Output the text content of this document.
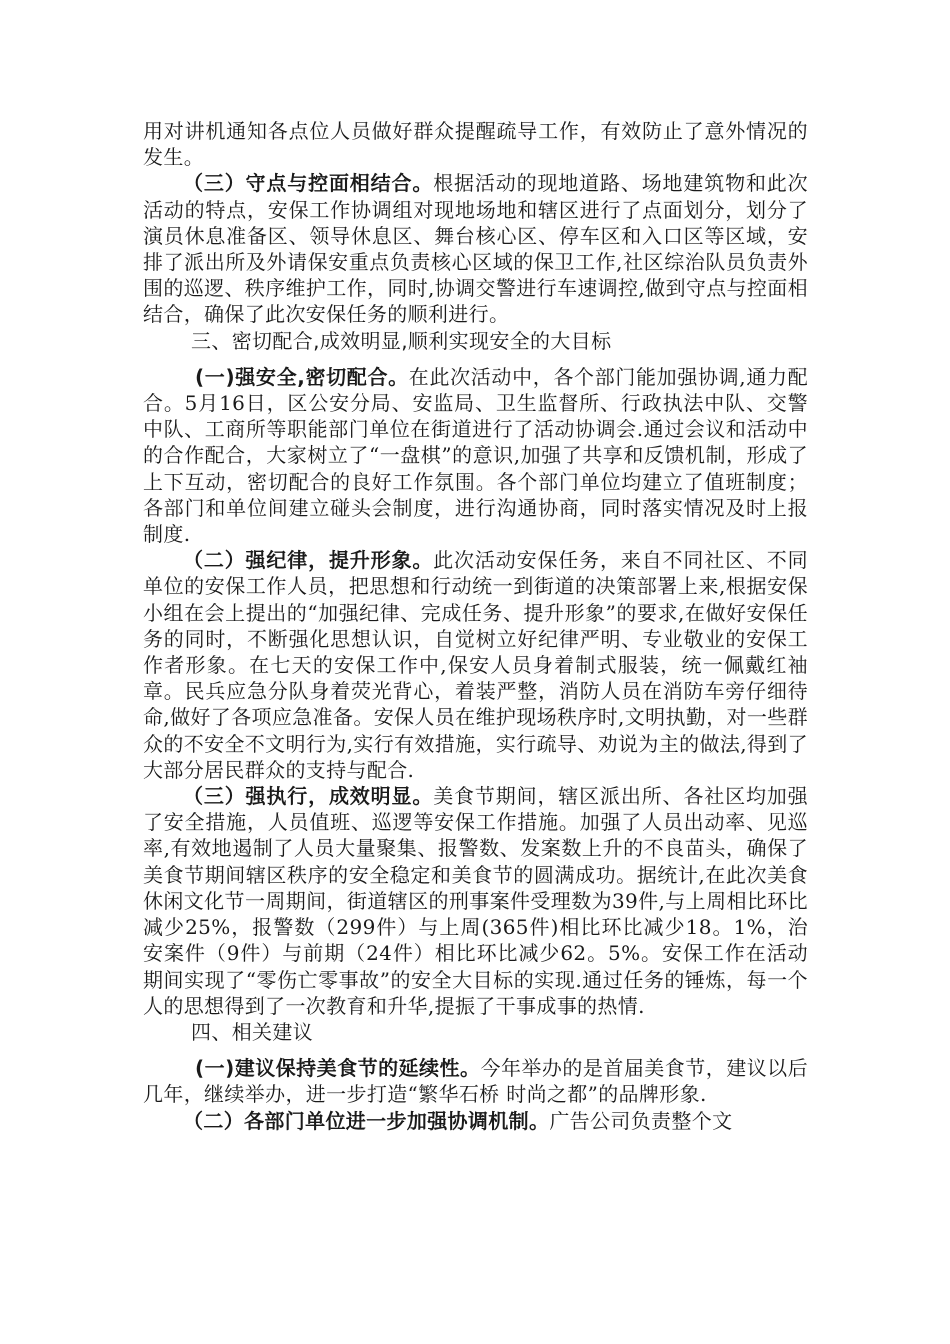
用对讲机通知各点位人员做好群众提醒疏导工作，有效防止了意外情况的发生。

（三）守点与控面相结合。根据活动的现地道路、场地建筑物和此次活动的特点，安保工作协调组对现地场地和辖区进行了点面划分，划分了演员休息准备区、领导休息区、舞台核心区、停车区和入口区等区域，安排了派出所及外请保安重点负责核心区域的保卫工作,社区综治队员负责外围的巡逻、秩序维护工作，同时,协调交警进行车速调控,做到守点与控面相结合，确保了此次安保任务的顺利进行。

三、密切配合,成效明显,顺利实现安全的大目标

(一)强安全,密切配合。在此次活动中，各个部门能加强协调,通力配合。5月16日，区公安分局、安监局、卫生监督所、行政执法中队、交警中队、工商所等职能部门单位在街道进行了活动协调会.通过会议和活动中的合作配合，大家树立了“一盘棋”的意识,加强了共享和反馈机制，形成了上下互动，密切配合的良好工作氛围。各个部门单位均建立了值班制度；各部门和单位间建立碰头会制度，进行沟通协商，同时落实情况及时上报制度.

（二）强纪律，提升形象。此次活动安保任务，来自不同社区、不同单位的安保工作人员，把思想和行动统一到街道的决策部署上来,根据安保小组在会上提出的“加强纪律、完成任务、提升形象”的要求,在做好安保任务的同时，不断强化思想认识，自觉树立好纪律严明、专业敬业的安保工作者形象。在七天的安保工作中,保安人员身着制式服装，统一佩戴红袖章。民兵应急分队身着荧光背心，着装严整，消防人员在消防车旁仔细待命,做好了各项应急准备。安保人员在维护现场秩序时,文明执勤，对一些群众的不安全不文明行为,实行有效措施，实行疏导、劝说为主的做法,得到了大部分居民群众的支持与配合.

（三）强执行，成效明显。美食节期间，辖区派出所、各社区均加强了安全措施，人员值班、巡逻等安保工作措施。加强了人员出动率、见巡率,有效地遏制了人员大量聚集、报警数、发案数上升的不良苗头，确保了美食节期间辖区秩序的安全稳定和美食节的圆满成功。据统计,在此次美食休闲文化节一周期间，街道辖区的刑事案件受理数为39件,与上周相比环比减少25%，报警数（299件）与上周(365件)相比环比减少18。1%，治安案件（9件）与前期（24件）相比环比减少62。5%。安保工作在活动期间实现了“零伤亡零事故”的安全大目标的实现.通过任务的锤炼，每一个人的思想得到了一次教育和升华,提振了干事成事的热情.

四、相关建议

(一)建议保持美食节的延续性。今年举办的是首届美食节，建议以后几年，继续举办，进一步打造“繁华石桥 时尚之都”的品牌形象.

（二）各部门单位进一步加强协调机制。广告公司负责整个文
